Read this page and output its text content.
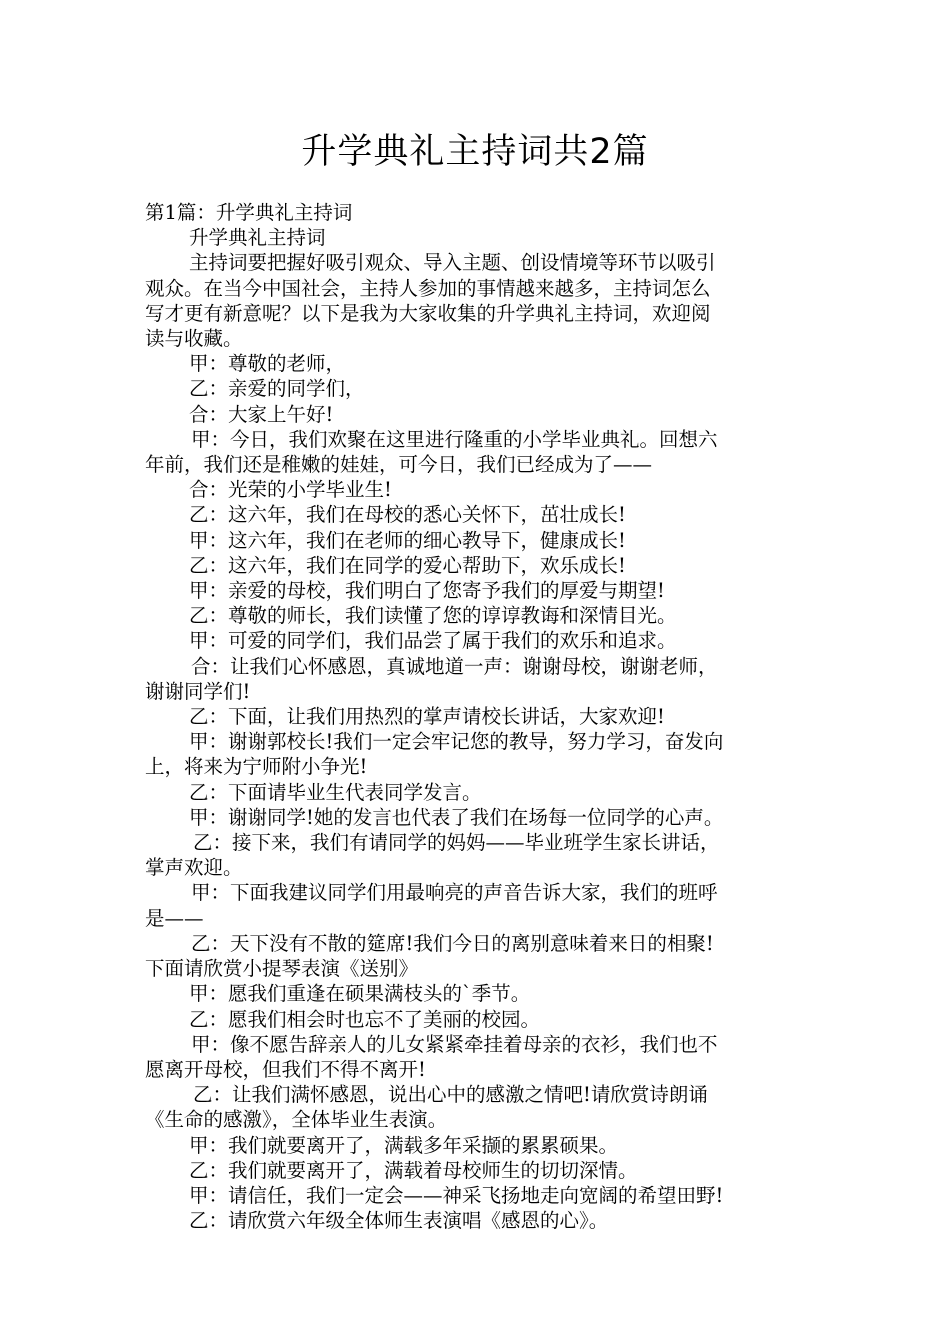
升学典礼主持词共2篇
第1篇：升学典礼主持词
升学典礼主持词
主持词要把握好吸引观众、导入主题、创设情境等环节以吸引
观众。在当今中国社会，主持人参加的事情越来越多，主持词怎么
写才更有新意呢？以下是我为大家收集的升学典礼主持词，欢迎阅
读与收藏。
甲：尊敬的老师，
乙：亲爱的同学们，
合：大家上午好!
甲：今日，我们欢聚在这里进行隆重的小学毕业典礼。回想六
年前，我们还是稚嫩的娃娃，可今日，我们已经成为了——
合：光荣的小学毕业生!
乙：这六年，我们在母校的悉心关怀下，茁壮成长!
甲：这六年，我们在老师的细心教导下，健康成长!
乙：这六年，我们在同学的爱心帮助下，欢乐成长!
甲：亲爱的母校，我们明白了您寄予我们的厚爱与期望!
乙：尊敬的师长，我们读懂了您的谆谆教诲和深情目光。
甲：可爱的同学们，我们品尝了属于我们的欢乐和追求。
合：让我们心怀感恩，真诚地道一声：谢谢母校，谢谢老师，
谢谢同学们!
乙：下面，让我们用热烈的掌声请校长讲话，大家欢迎!
甲：谢谢郭校长!我们一定会牢记您的教导，努力学习，奋发向
上，将来为宁师附小争光!
乙：下面请毕业生代表同学发言。
甲：谢谢同学!她的发言也代表了我们在场每一位同学的心声。
乙：接下来，我们有请同学的妈妈——毕业班学生家长讲话，
掌声欢迎。
甲：下面我建议同学们用最响亮的声音告诉大家，我们的班呼
是——
乙：天下没有不散的筵席!我们今日的离别意味着来日的相聚!
下面请欣赏小提琴表演《送别》
甲：愿我们重逢在硕果满枝头的`季节。
乙：愿我们相会时也忘不了美丽的校园。
甲：像不愿告辞亲人的儿女紧紧牵挂着母亲的衣衫，我们也不
愿离开母校，但我们不得不离开!
乙：让我们满怀感恩，说出心中的感激之情吧!请欣赏诗朗诵
《生命的感激》，全体毕业生表演。
甲：我们就要离开了，满载多年采撷的累累硕果。
乙：我们就要离开了，满载着母校师生的切切深情。
甲：请信任，我们一定会——神采飞扬地走向宽阔的希望田野!
乙：请欣赏六年级全体师生表演唱《感恩的心》。
